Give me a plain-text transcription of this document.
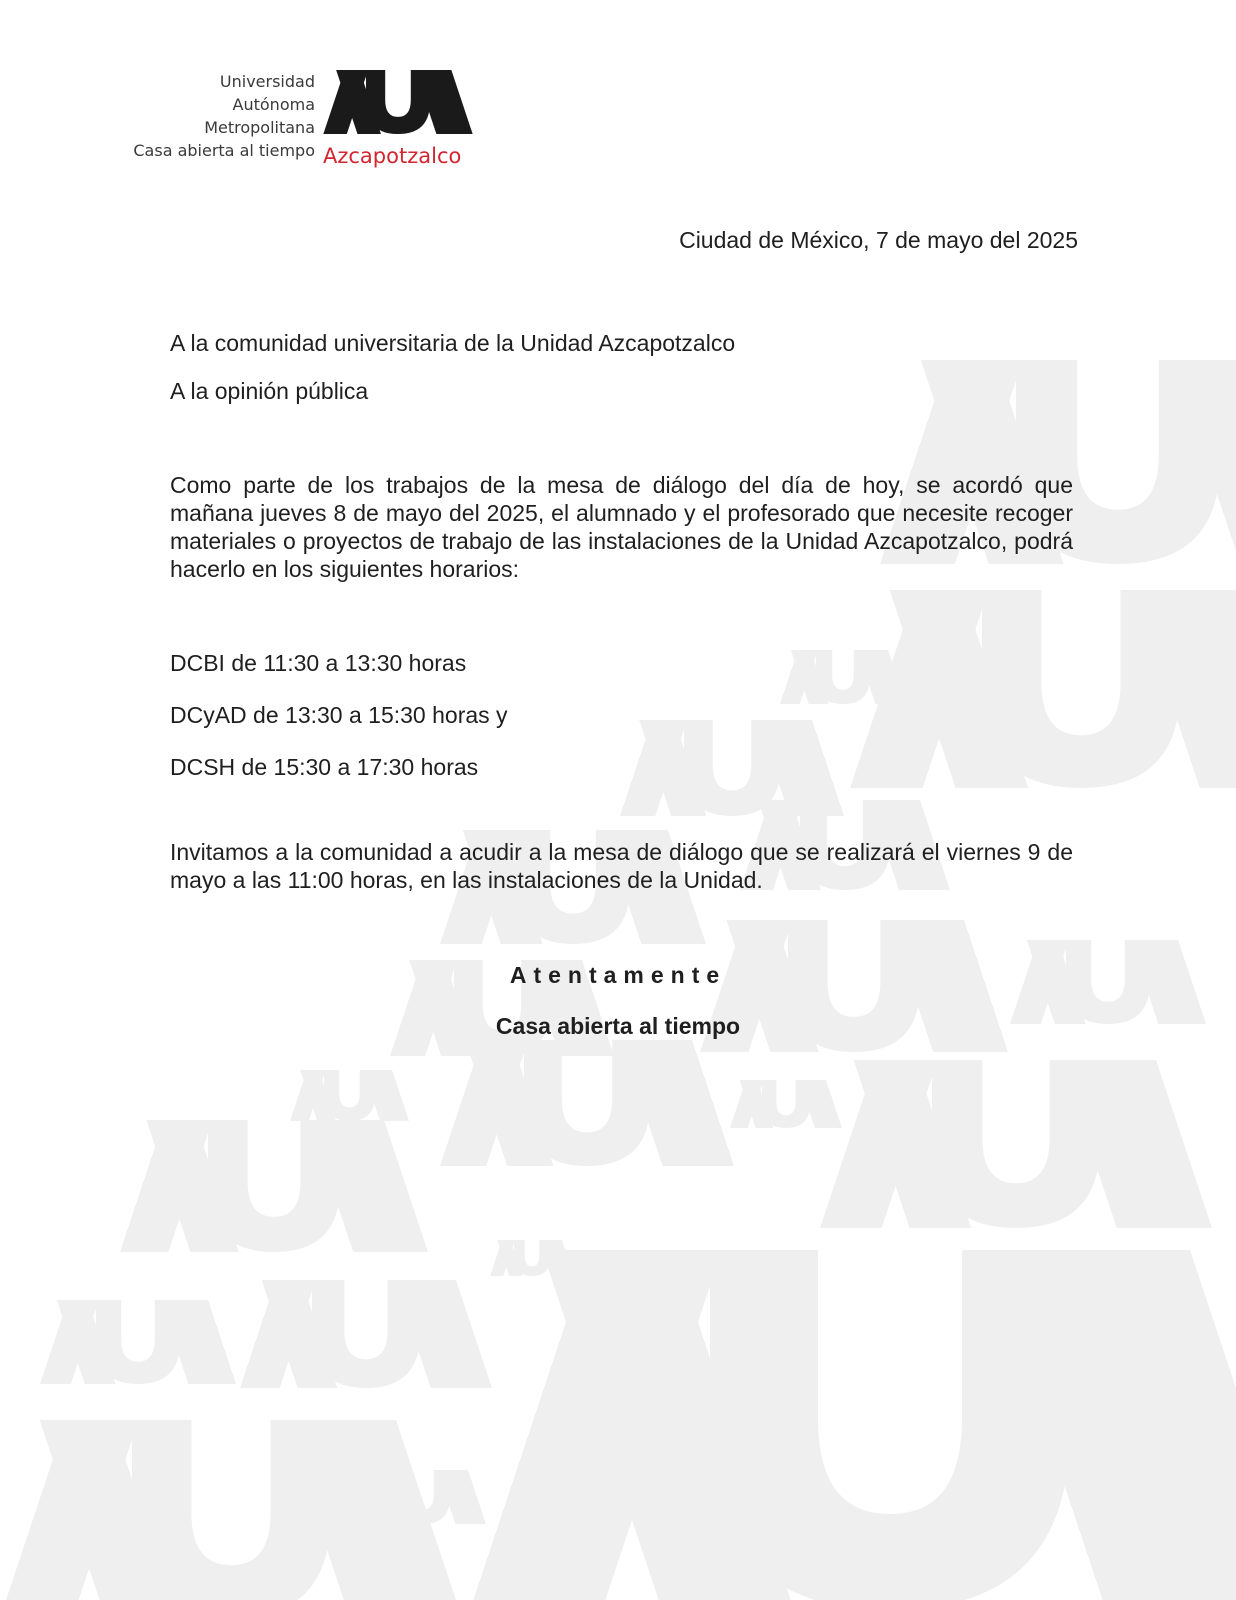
Universidad
Autónoma
Metropolitana
Casa abierta al tiempo Azcapotzalco
Ciudad de México, 7 de mayo del 2025
A la comunidad universitaria de la Unidad Azcapotzalco
A la opinión pública
Como parte de los trabajos de la mesa de diálogo del día de hoy, se acordó que mañana jueves 8 de mayo del 2025, el alumnado y el profesorado que necesite recoger materiales o proyectos de trabajo de las instalaciones de la Unidad Azcapotzalco, podrá hacerlo en los siguientes horarios:
DCBI de 11:30 a 13:30 horas
DCyAD de 13:30 a 15:30 horas y
DCSH de 15:30 a 17:30 horas
Invitamos a la comunidad a acudir a la mesa de diálogo que se realizará el viernes 9 de mayo a las 11:00 horas, en las instalaciones de la Unidad.
Atentamente
Casa abierta al tiempo
